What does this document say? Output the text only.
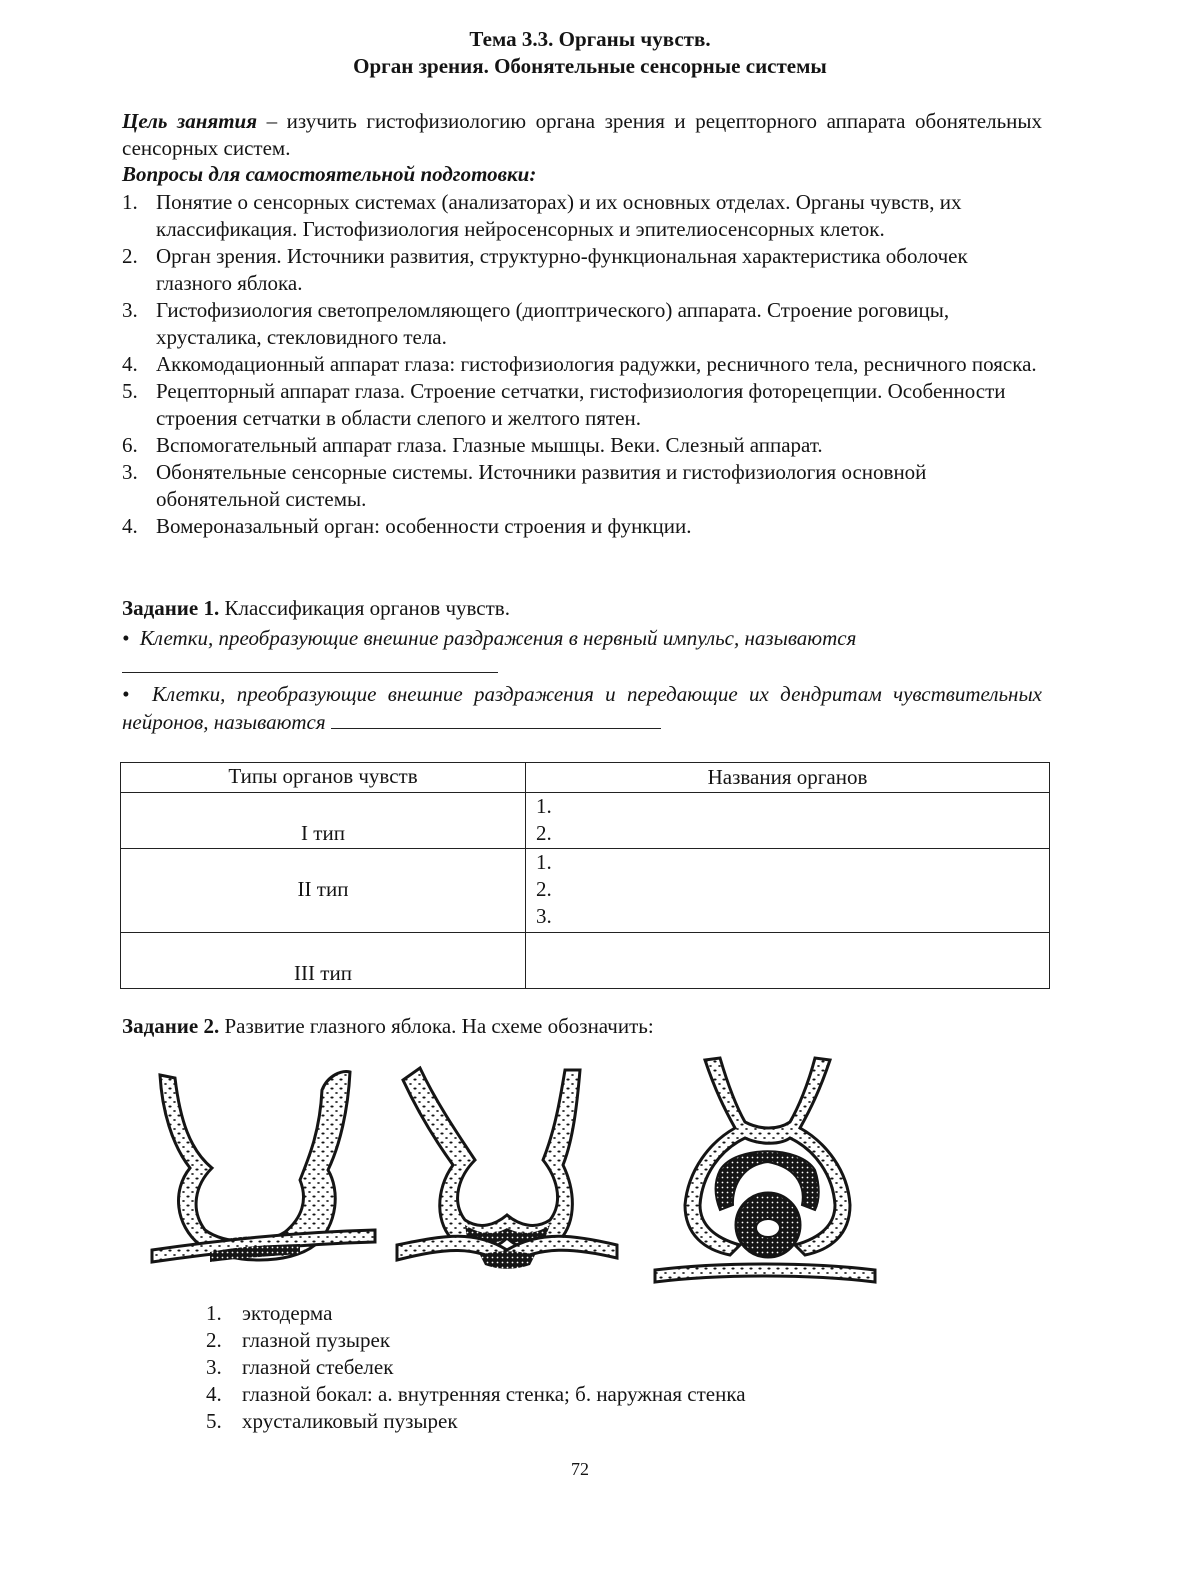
Тема 3.3. Органы чувств.
Орган зрения. Обонятельные сенсорные системы
Цель занятия – изучить гистофизиологию органа зрения и рецепторного аппарата обонятельных сенсорных систем.
Вопросы для самостоятельной подготовки:
1. Понятие о сенсорных системах (анализаторах) и их основных отделах. Органы чувств, их классификация. Гистофизиология нейросенсорных и эпителиосенсорных клеток.
2. Орган зрения. Источники развития, структурно-функциональная характеристика оболочек глазного яблока.
3. Гистофизиология светопреломляющего (диоптрического) аппарата. Строение роговицы, хрусталика, стекловидного тела.
4. Аккомодационный аппарат глаза: гистофизиология радужки, ресничного тела, ресничного пояска.
5. Рецепторный аппарат глаза. Строение сетчатки, гистофизиология фоторецепции. Особенности строения сетчатки в области слепого и желтого пятен.
6. Вспомогательный аппарат глаза. Глазные мышцы. Веки. Слезный аппарат.
3. Обонятельные сенсорные системы. Источники развития и гистофизиология основной обонятельной системы.
4. Вомероназальный орган: особенности строения и функции.
Задание 1. Классификация органов чувств.
• Клетки, преобразующие внешние раздражения в нервный импульс, называются

• Клетки, преобразующие внешние раздражения и передающие их дендритам чувствительных нейронов, называются
Типы органов чувств	Названия органов
I тип	1.
2.

II тип	1.
2.
3.

III тип	
Задание 2. Развитие глазного яблока. На схеме обозначить:
1. эктодерма
2. глазной пузырек
3. глазной стебелек
4. глазной бокал: а. внутренняя стенка; б. наружная стенка
5. хрусталиковый пузырек
72
